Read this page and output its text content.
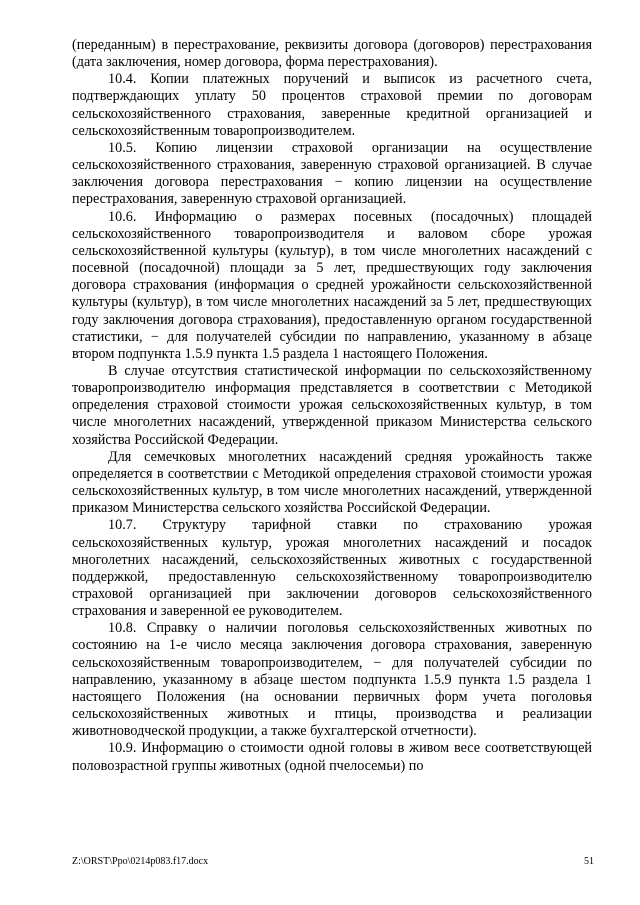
(переданным) в перестрахование, реквизиты договора (договоров) перестрахования (дата заключения, номер договора, форма перестрахования).

10.4. Копии платежных поручений и выписок из расчетного счета, подтверждающих уплату 50 процентов страховой премии по договорам сельскохозяйственного страхования, заверенные кредитной организацией и сельскохозяйственным товаропроизводителем.

10.5. Копию лицензии страховой организации на осуществление сельскохозяйственного страхования, заверенную страховой организацией. В случае заключения договора перестрахования − копию лицензии на осуществление перестрахования, заверенную страховой организацией.

10.6. Информацию о размерах посевных (посадочных) площадей сельскохозяйственного товаропроизводителя и валовом сборе урожая сельскохозяйственной культуры (культур), в том числе многолетних насаждений с посевной (посадочной) площади за 5 лет, предшествующих году заключения договора страхования (информация о средней урожайности сельскохозяйственной культуры (культур), в том числе многолетних насаждений за 5 лет, предшествующих году заключения договора страхования), предоставленную органом государственной статистики, − для получателей субсидии по направлению, указанному в абзаце втором подпункта 1.5.9 пункта 1.5 раздела 1 настоящего Положения.

В случае отсутствия статистической информации по сельскохозяйственному товаропроизводителю информация представляется в соответствии с Методикой определения страховой стоимости урожая сельскохозяйственных культур, в том числе многолетних насаждений, утвержденной приказом Министерства сельского хозяйства Российской Федерации.

Для семечковых многолетних насаждений средняя урожайность также определяется в соответствии с Методикой определения страховой стоимости урожая сельскохозяйственных культур, в том числе многолетних насаждений, утвержденной приказом Министерства сельского хозяйства Российской Федерации.

10.7. Структуру тарифной ставки по страхованию урожая сельскохозяйственных культур, урожая многолетних насаждений и посадок многолетних насаждений, сельскохозяйственных животных с государственной поддержкой, предоставленную сельскохозяйственному товаропроизводителю страховой организацией при заключении договоров сельскохозяйственного страхования и заверенной ее руководителем.

10.8. Справку о наличии поголовья сельскохозяйственных животных по состоянию на 1-е число месяца заключения договора страхования, заверенную сельскохозяйственным товаропроизводителем, − для получателей субсидии по направлению, указанному в абзаце шестом подпункта 1.5.9 пункта 1.5 раздела 1 настоящего Положения (на основании первичных форм учета поголовья сельскохозяйственных животных и птицы, производства и реализации животноводческой продукции, а также бухгалтерской отчетности).

10.9. Информацию о стоимости одной головы в живом весе соответствующей половозрастной группы животных (одной пчелосемьи) по

Z:\ORST\Ppo\0214p083.f17.docx	51
